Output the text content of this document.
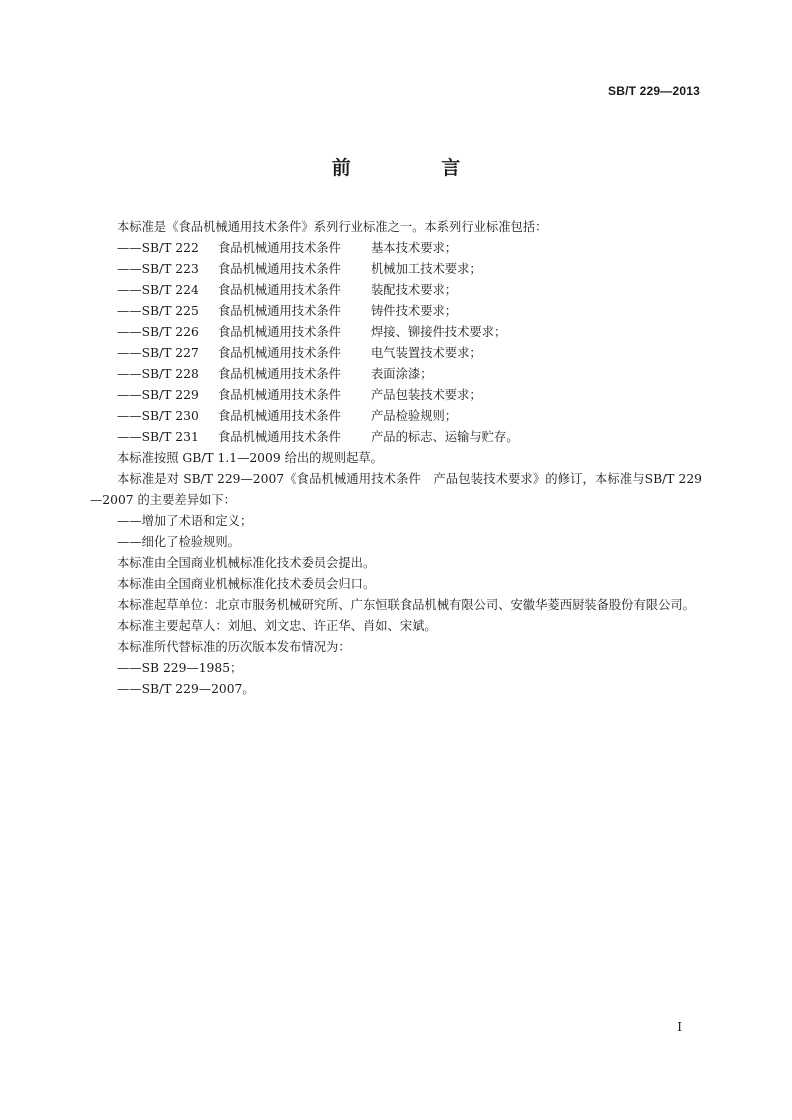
SB/T 229—2013
前 言

本标准是《食品机械通用技术条件》系列行业标准之一。本系列行业标准包括：

——SB/T 222	食品机械通用技术条件	基本技术要求；

——SB/T 223	食品机械通用技术条件	机械加工技术要求；

——SB/T 224	食品机械通用技术条件	装配技术要求；

——SB/T 225	食品机械通用技术条件	铸件技术要求；

——SB/T 226	食品机械通用技术条件	焊接、铆接件技术要求；

——SB/T 227	食品机械通用技术条件	电气装置技术要求；

——SB/T 228	食品机械通用技术条件	表面涂漆；

——SB/T 229	食品机械通用技术条件	产品包装技术要求；

——SB/T 230	食品机械通用技术条件	产品检验规则；

——SB/T 231	食品机械通用技术条件	产品的标志、运输与贮存。

本标准按照 GB/T 1.1—2009 给出的规则起草。

本标准是对 SB/T 229—2007《食品机械通用技术条件　产品包装技术要求》的修订，本标准与SB/T 229—2007 的主要差异如下：

——增加了术语和定义；

——细化了检验规则。

本标准由全国商业机械标准化技术委员会提出。

本标准由全国商业机械标准化技术委员会归口。

本标准起草单位：北京市服务机械研究所、广东恒联食品机械有限公司、安徽华菱西厨装备股份有限公司。

本标准主要起草人：刘旭、刘文忠、许正华、肖如、宋斌。

本标准所代替标准的历次版本发布情况为：

——SB 229—1985；

——SB/T 229—2007。

I
